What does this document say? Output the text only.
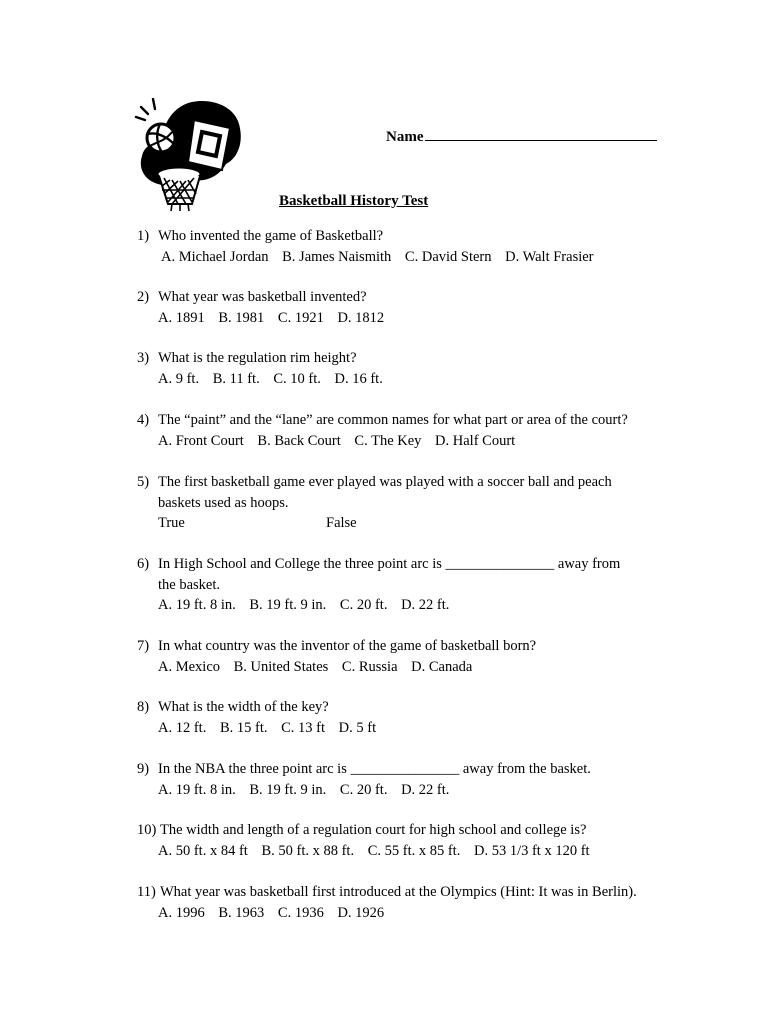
Name
Basketball History Test
1) Who invented the game of Basketball?
A. Michael Jordan B. James Naismith C. David Stern D. Walt Frasier
2) What year was basketball invented?
A. 1891 B. 1981 C. 1921 D. 1812
3) What is the regulation rim height?
A. 9 ft. B. 11 ft. C. 10 ft. D. 16 ft.
4) The “paint” and the “lane” are common names for what part or area of the court?
A. Front Court B. Back Court C. The Key D. Half Court
5) The first basketball game ever played was played with a soccer ball and peach
baskets used as hoops.
True	False
6) In High School and College the three point arc is _______________ away from
the basket.
A. 19 ft. 8 in. B. 19 ft. 9 in. C. 20 ft. D. 22 ft.
7) In what country was the inventor of the game of basketball born?
A. Mexico B. United States C. Russia D. Canada
8) What is the width of the key?
A. 12 ft. B. 15 ft. C. 13 ft D. 5 ft
9) In the NBA the three point arc is _______________ away from the basket.
A. 19 ft. 8 in. B. 19 ft. 9 in. C. 20 ft. D. 22 ft.
10) The width and length of a regulation court for high school and college is?
A. 50 ft. x 84 ft B. 50 ft. x 88 ft. C. 55 ft. x 85 ft. D. 53 1/3 ft x 120 ft
11) What year was basketball first introduced at the Olympics (Hint: It was in Berlin).
A. 1996 B. 1963 C. 1936 D. 1926
